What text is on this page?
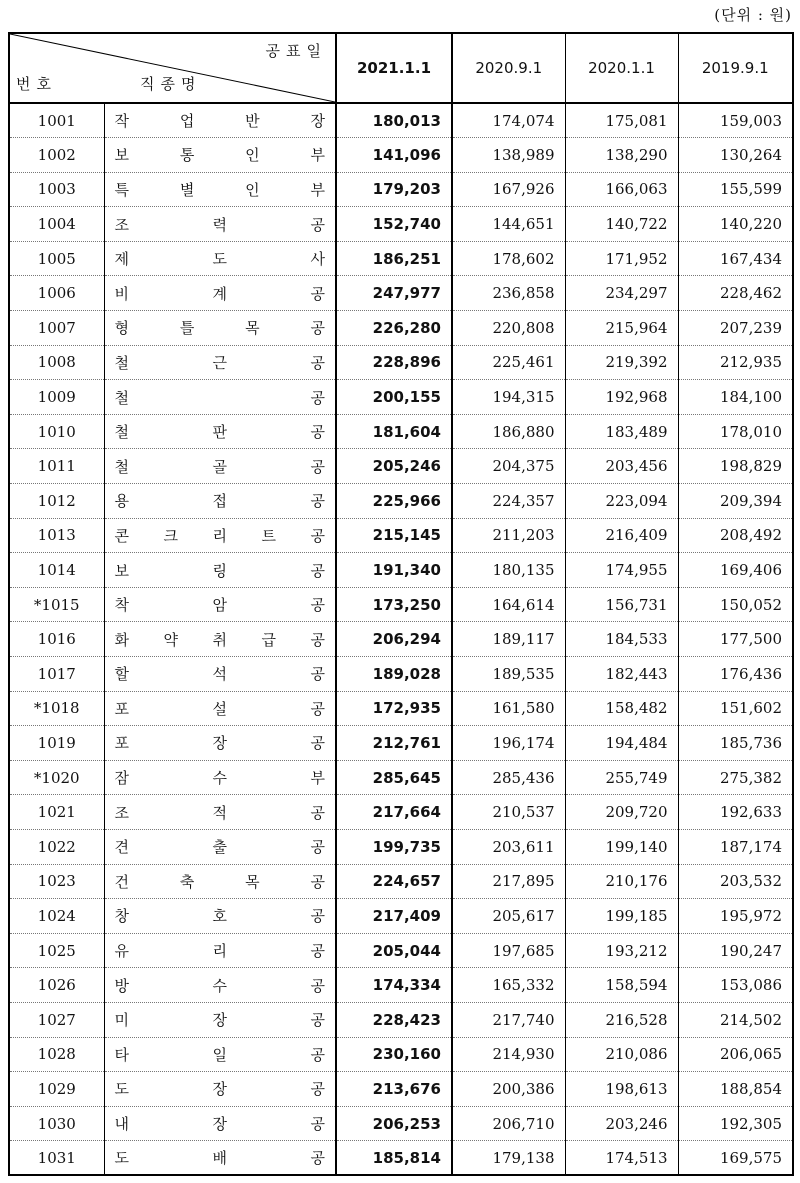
(단위 : 원)
공표일
번호 직종명		2021.1.1	2020.9.1	2020.1.1	2019.9.1
1001	작 업 반 장	180,013	174,074	175,081	159,003
1002	보 통 인 부	141,096	138,989	138,290	130,264
1003	특 별 인 부	179,203	167,926	166,063	155,599
1004	조 력 공	152,740	144,651	140,722	140,220
1005	제 도 사	186,251	178,602	171,952	167,434
1006	비 계 공	247,977	236,858	234,297	228,462
1007	형 틀 목 공	226,280	220,808	215,964	207,239
1008	철 근 공	228,896	225,461	219,392	212,935
1009	철 공	200,155	194,315	192,968	184,100
1010	철 판 공	181,604	186,880	183,489	178,010
1011	철 골 공	205,246	204,375	203,456	198,829
1012	용 접 공	225,966	224,357	223,094	209,394
1013	콘 크 리 트 공	215,145	211,203	216,409	208,492
1014	보 링 공	191,340	180,135	174,955	169,406
*1015	착 암 공	173,250	164,614	156,731	150,052
1016	화 약 취 급 공	206,294	189,117	184,533	177,500
1017	할 석 공	189,028	189,535	182,443	176,436
*1018	포 설 공	172,935	161,580	158,482	151,602
1019	포 장 공	212,761	196,174	194,484	185,736
*1020	잠 수 부	285,645	285,436	255,749	275,382
1021	조 적 공	217,664	210,537	209,720	192,633
1022	견 출 공	199,735	203,611	199,140	187,174
1023	건 축 목 공	224,657	217,895	210,176	203,532
1024	창 호 공	217,409	205,617	199,185	195,972
1025	유 리 공	205,044	197,685	193,212	190,247
1026	방 수 공	174,334	165,332	158,594	153,086
1027	미 장 공	228,423	217,740	216,528	214,502
1028	타 일 공	230,160	214,930	210,086	206,065
1029	도 장 공	213,676	200,386	198,613	188,854
1030	내 장 공	206,253	206,710	203,246	192,305
1031	도 배 공	185,814	179,138	174,513	169,575
